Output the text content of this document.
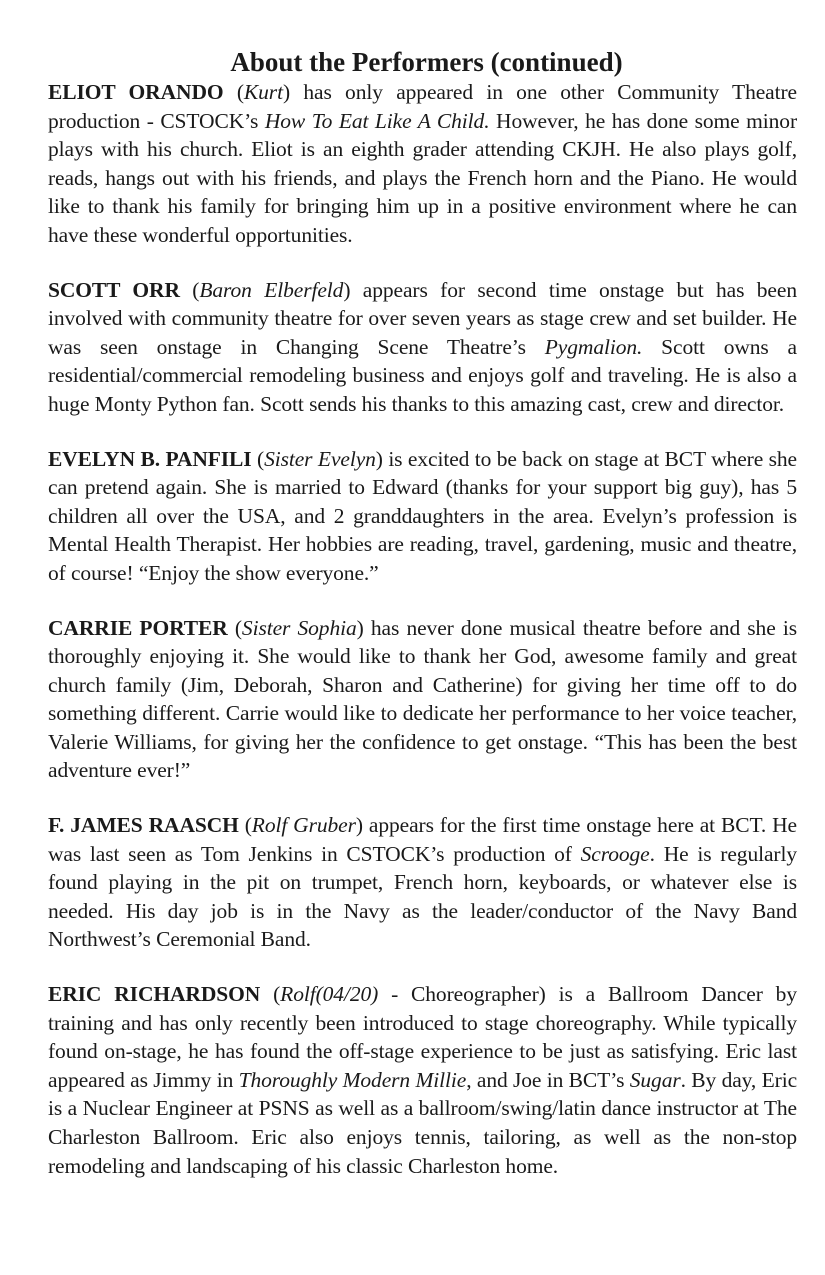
About the Performers (continued)

ELIOT ORANDO (Kurt) has only appeared in one other Community Theatre production - CSTOCK’s How To Eat Like A Child. However, he has done some minor plays with his church. Eliot is an eighth grader attending CKJH. He also plays golf, reads, hangs out with his friends, and plays the French horn and the Piano. He would like to thank his family for bringing him up in a positive environment where he can have these wonderful opportunities.

SCOTT ORR (Baron Elberfeld) appears for second time onstage but has been involved with community theatre for over seven years as stage crew and set builder. He was seen onstage in Changing Scene Theatre’s Pygmalion. Scott owns a residential/commercial remodeling business and enjoys golf and traveling. He is also a huge Monty Python fan. Scott sends his thanks to this amazing cast, crew and director.

EVELYN B. PANFILI (Sister Evelyn) is excited to be back on stage at BCT where she can pretend again. She is married to Edward (thanks for your support big guy), has 5 children all over the USA, and 2 granddaughters in the area. Evelyn’s profession is Mental Health Therapist. Her hobbies are reading, travel, gardening, music and theatre, of course! “Enjoy the show everyone.”

CARRIE PORTER (Sister Sophia) has never done musical theatre before and she is thoroughly enjoying it. She would like to thank her God, awesome family and great church family (Jim, Deborah, Sharon and Catherine) for giving her time off to do something different. Carrie would like to dedicate her performance to her voice teacher, Valerie Williams, for giving her the confidence to get onstage. “This has been the best adventure ever!”

F. JAMES RAASCH (Rolf Gruber) appears for the first time onstage here at BCT. He was last seen as Tom Jenkins in CSTOCK’s production of Scrooge. He is regularly found playing in the pit on trumpet, French horn, keyboards, or whatever else is needed. His day job is in the Navy as the leader/conductor of the Navy Band Northwest’s Ceremonial Band.

ERIC RICHARDSON (Rolf(04/20) - Choreographer) is a Ballroom Dancer by training and has only recently been introduced to stage choreography. While typically found on-stage, he has found the off-stage experience to be just as satisfying. Eric last appeared as Jimmy in Thoroughly Modern Millie, and Joe in BCT’s Sugar. By day, Eric is a Nuclear Engineer at PSNS as well as a ballroom/swing/latin dance instructor at The Charleston Ballroom. Eric also enjoys tennis, tailoring, as well as the non-stop remodeling and landscaping of his classic Charleston home.
